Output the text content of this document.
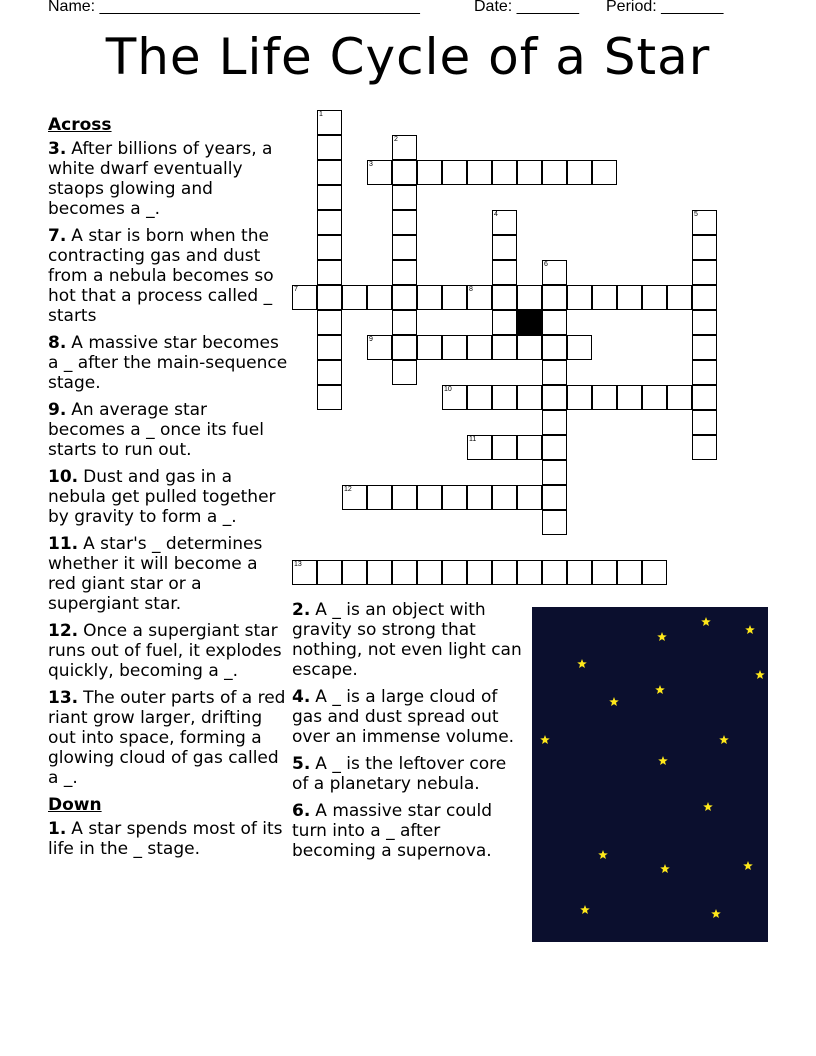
Name: ____________________________________	Date: _______ Period: _______
The Life Cycle of a Star
1
2
3
4	5
6
7	8
9
10
11
12
13
Across
3. After billions of years, a white dwarf eventually staops glowing and becomes a _.
7. A star is born when the contracting gas and dust from a nebula becomes so hot that a process called _ starts
8. A massive star becomes a _ after the main-sequence stage.
9. An average star becomes a _ once its fuel starts to run out.
10. Dust and gas in a nebula get pulled together by gravity to form a _.
11. A star's _ determines whether it will become a red giant star or a supergiant star.
12. Once a supergiant star runs out of fuel, it explodes quickly, becoming a _.
13. The outer parts of a red riant grow larger, drifting out into space, forming a glowing cloud of gas called a _.
Down
1. A star spends most of its life in the _ stage.
2. A _ is an object with gravity so strong that nothing, not even light can escape.
4. A _ is a large cloud of gas and dust spread out over an immense volume.
5. A _ is the leftover core of a planetary nebula.
6. A massive star could turn into a _ after becoming a supernova.
